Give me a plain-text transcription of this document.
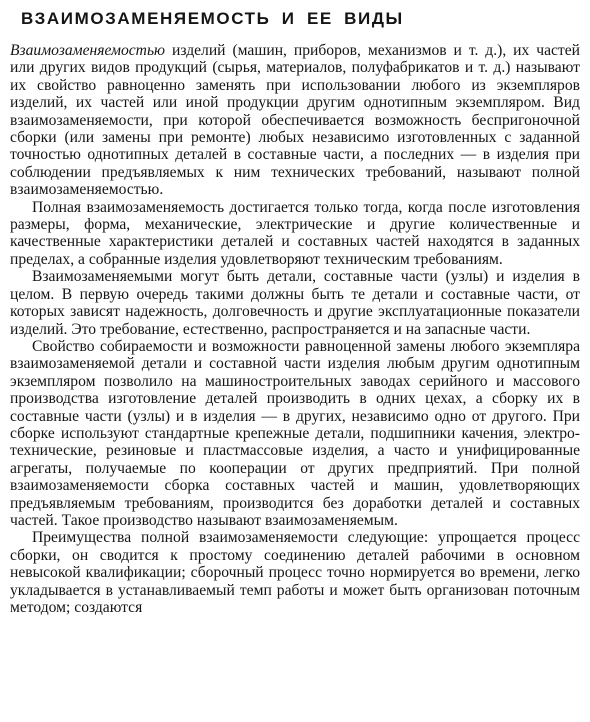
ВЗАИМОЗАМЕНЯЕМОСТЬ И ЕЕ ВИДЫ

Взаимозаменяемостью изделий (машин, приборов, механизмов и т. д.), их частей или других видов продукций (сырья, материалов, полуфабрикатов и т. д.) называют их свойство равноценно заменять при использовании любого из экземпляров изделий, их частей или иной продукции другим однотипным экземпляром. Вид взаимозаменяемости, при которой обеспечивается возможность беспригоночной сборки (или замены при ремонте) любых независимо изготовленных с заданной точностью однотипных деталей в составные части, а последних — в изделия при соблюдении предъявляемых к ним технических требований, называют полной взаимозаменяемостью.

Полная взаимозаменяемость достигается только тогда, когда после изготовления размеры, форма, механические, электрические и другие количественные и качественные характеристики деталей и составных частей находятся в заданных пределах, а собранные изделия удовлетворяют техническим требованиям.

Взаимозаменяемыми могут быть детали, составные части (узлы) и изделия в целом. В первую очередь такими должны быть те детали и составные части, от которых зависят надежность, долговечность и другие эксплуатационные показатели изделий. Это требование, естественно, распространяется и на запасные части.

Свойство собираемости и возможности равноценной замены любого экземпляра взаимозаменяемой детали и составной части изделия любым другим однотипным экземпляром позволило на машиностроительных заводах серийного и массового производства изготовление деталей производить в одних цехах, а сборку их в составные части (узлы) и в изделия — в других, независимо одно от другого. При сборке используют стандартные крепежные детали, подшипники качения, электротехнические, резиновые и пластмассовые изделия, а часто и унифицированные агрегаты, получаемые по кооперации от других предприятий. При полной взаимозаменяемости сборка составных частей и машин, удовлетворяющих предъявляемым требованиям, производится без доработки деталей и составных частей. Такое производство называют взаимозаменяемым.

Преимущества полной взаимозаменяемости следующие: упрощается процесс сборки, он сводится к простому соединению деталей рабочими в основном невысокой квалификации; сборочный процесс точно нормируется во времени, легко укладывается в устанавливаемый темп работы и может быть организован поточным методом; создаются
